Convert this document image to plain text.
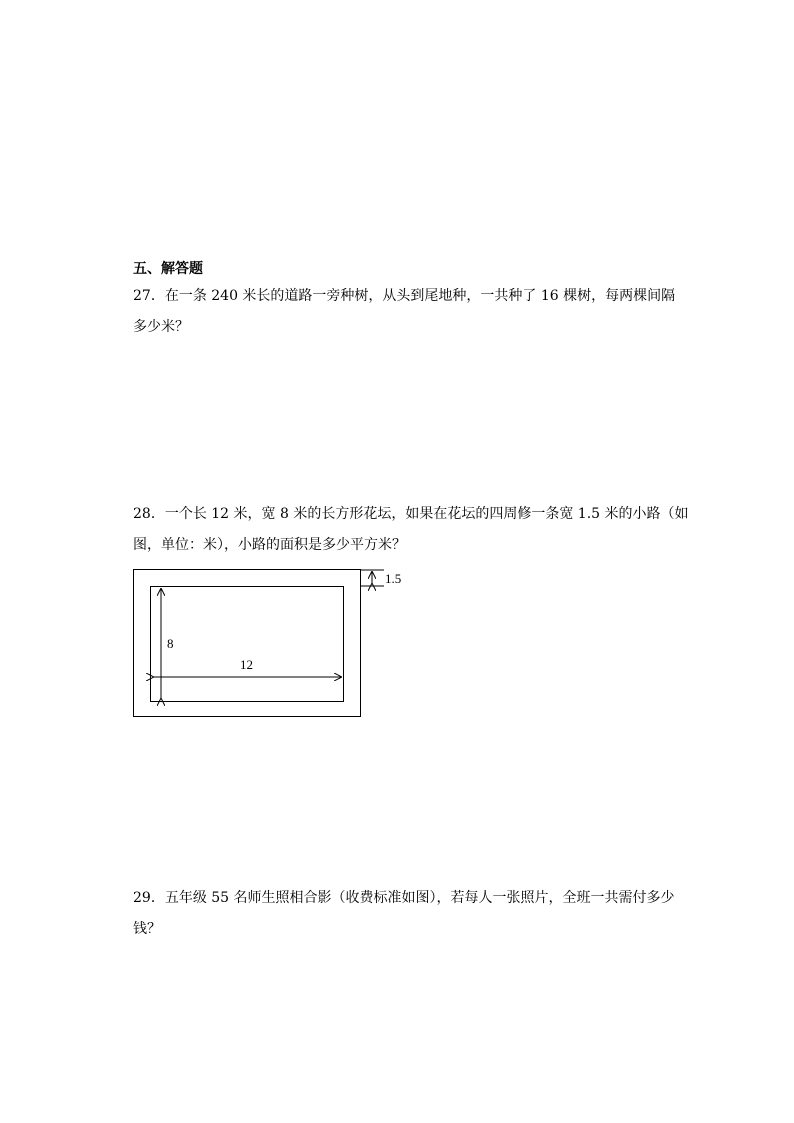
五、解答题
27．在一条 240 米长的道路一旁种树，从头到尾地种，一共种了 16 棵树，每两棵间隔
多少米？
28．一个长 12 米，宽 8 米的长方形花坛，如果在花坛的四周修一条宽 1.5 米的小路（如
图，单位：米），小路的面积是多少平方米？
8
12
1.5
29．五年级 55 名师生照相合影（收费标准如图），若每人一张照片，全班一共需付多少
钱？
